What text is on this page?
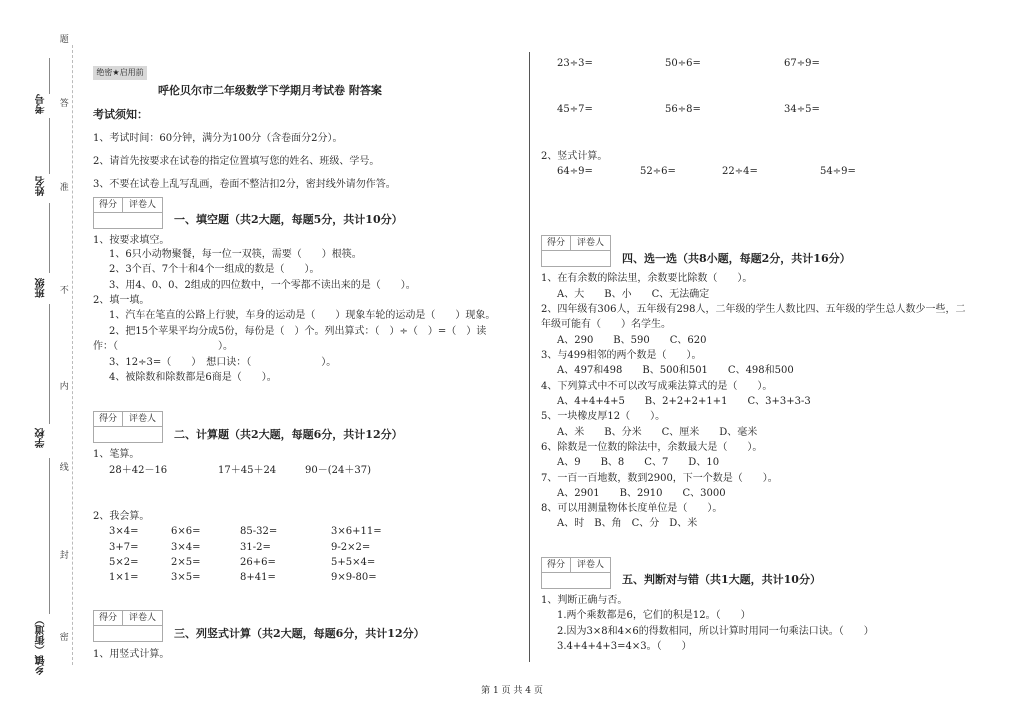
考号
姓名
班级
学校
乡镇（街道）
题
答
准
不
内
线
封
密
绝密★启用前
呼伦贝尔市二年级数学下学期月考试卷 附答案
考试须知：
1、考试时间：60分钟，满分为100分（含卷面分2分）。
2、请首先按要求在试卷的指定位置填写您的姓名、班级、学号。
3、不要在试卷上乱写乱画，卷面不整洁扣2分，密封线外请勿作答。
得分	评卷人
一、填空题（共2大题，每题5分，共计10分）
1、按要求填空。
1、6只小动物聚餐，每一位一双筷，需要（　　）根筷。
2、3个百、7个十和4个一组成的数是（　　）。
3、用4、0、0、2组成的四位数中，一个零都不读出来的是（　　）。
2、填一填。
1、汽车在笔直的公路上行驶，车身的运动是（　　）现象车轮的运动是（　　）现象。
2、把15个苹果平均分成5份，每份是（　）个。列出算式：（　）÷（　）=（　）读
作：（　　　　　　　　　　）。
3、12÷3=（　　）　想口诀：（　　　　　　　）。
4、被除数和除数都是6商是（　　）。
得分	评卷人
二、计算题（共2大题，每题6分，共计12分）
1、笔算。
28＋42－16	17＋45＋24	90－(24＋37)
2、我会算。
3×4=	6×6=	85-32=	3×6+11=
3+7=	3×4=	31-2=	9-2×2=
5×2=	2×5=	26+6=	5+5×4=
1×1=	3×5=	8+41=	9×9-80=
得分	评卷人
三、列竖式计算（共2大题，每题6分，共计12分）
1、用竖式计算。
23÷3=	50÷6=	67÷9=
45÷7=	56÷8=	34÷5=
2、竖式计算。
64÷9=	52÷6=	22÷4=	54÷9=
得分	评卷人
四、选一选（共8小题，每题2分，共计16分）
1、在有余数的除法里，余数要比除数（　　）。
A、大　　B、小　　C、无法确定
2、四年级有306人，五年级有298人，二年级的学生人数比四、五年级的学生总人数少一些，二
年级可能有（　　）名学生。
A、290　　B、590　　C、620
3、与499相邻的两个数是（　　）。
A、497和498　　B、500和501　　C、498和500
4、下列算式中不可以改写成乘法算式的是（　　）。
A、4+4+4+5　　B、2+2+2+1+1　　C、3+3+3-3
5、一块橡皮厚12（　　）。
A、米　　B、分米　　C、厘米　　D、毫米
6、除数是一位数的除法中，余数最大是（　　）。
A、9　　B、8　　C、7　　D、10
7、一百一百地数，数到2900，下一个数是（　　）。
A、2901　　B、2910　　C、3000
8、可以用测量物体长度单位是（　　）。
A、时　B、角　C、分　D、米
得分	评卷人
五、判断对与错（共1大题，共计10分）
1、判断正确与否。
1.两个乘数都是6，它们的积是12。（　　）
2.因为3×8和4×6的得数相同，所以计算时用同一句乘法口诀。（　　）
3.4+4+4+3=4×3。（　　）
第 1 页 共 4 页
